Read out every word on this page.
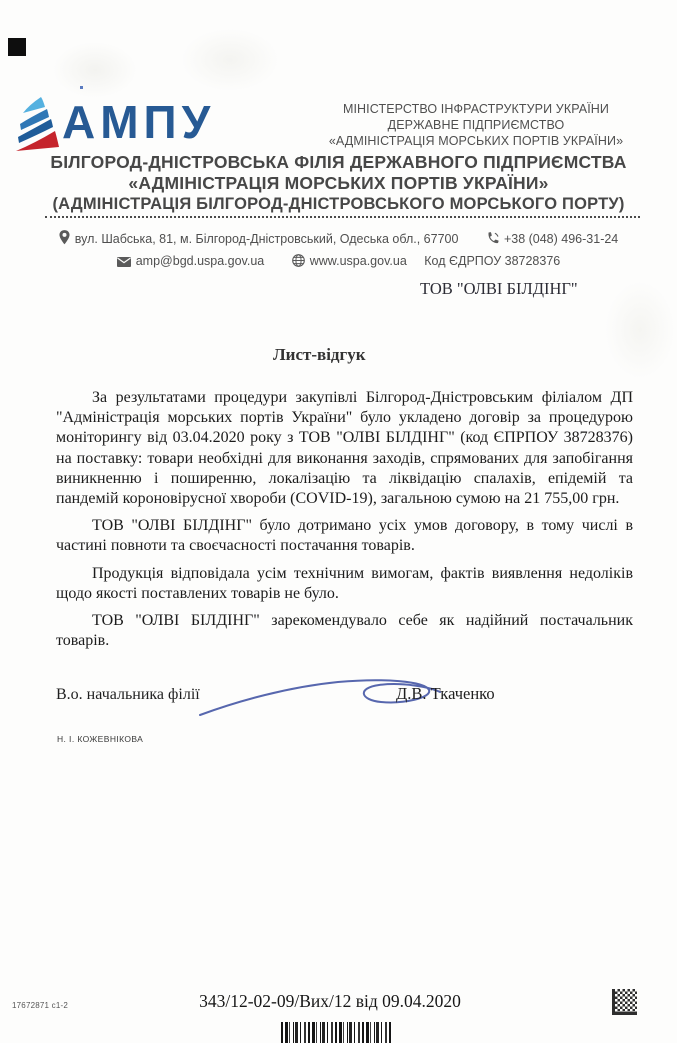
АМПУ	МІНІСТЕРСТВО ІНФРАСТРУКТУРИ УКРАЇНИ
ДЕРЖАВНЕ ПІДПРИЄМСТВО
«АДМІНІСТРАЦІЯ МОРСЬКИХ ПОРТІВ УКРАЇНИ»
БІЛГОРОД-ДНІСТРОВСЬКА ФІЛІЯ ДЕРЖАВНОГО ПІДПРИЄМСТВА
«АДМІНІСТРАЦІЯ МОРСЬКИХ ПОРТІВ УКРАЇНИ»
(АДМІНІСТРАЦІЯ БІЛГОРОД-ДНІСТРОВСЬКОГО МОРСЬКОГО ПОРТУ)
вул. Шабська, 81, м. Білгород-Дністровський, Одеська обл., 67700	+38 (048) 496-31-24
amp@bgd.uspa.gov.ua	www.uspa.gov.ua Код ЄДРПОУ 38728376
ТОВ "ОЛВІ БІЛДІНГ"
Лист-відгук

За результатами процедури закупівлі Білгород-Дністровським філіалом ДП "Адміністрація морських портів України" було укладено договір за процедурою моніторингу від 03.04.2020 року з ТОВ "ОЛВІ БІЛДІНГ" (код ЄПРПОУ 38728376) на поставку: товари необхідні для виконання заходів, спрямованих для запобігання виникненню і поширенню, локалізацію та ліквідацію спалахів, епідемій та пандемій короновірусної хвороби (COVID-19), загальною сумою на 21 755,00 грн.

ТОВ "ОЛВІ БІЛДІНГ" було дотримано усіх умов договору, в тому числі в частині повноти та своєчасності постачання товарів.

Продукція відповідала усім технічним вимогам, фактів виявлення недоліків щодо якості поставлених товарів не було.

ТОВ "ОЛВІ БІЛДІНГ" зарекомендувало себе як надійний постачальник товарів.

В.о. начальника філії	Д.В. Ткаченко
Н. І. КОЖЕВНІКОВА
17672871 c1-2	343/12-02-09/Вих/12 від 09.04.2020
